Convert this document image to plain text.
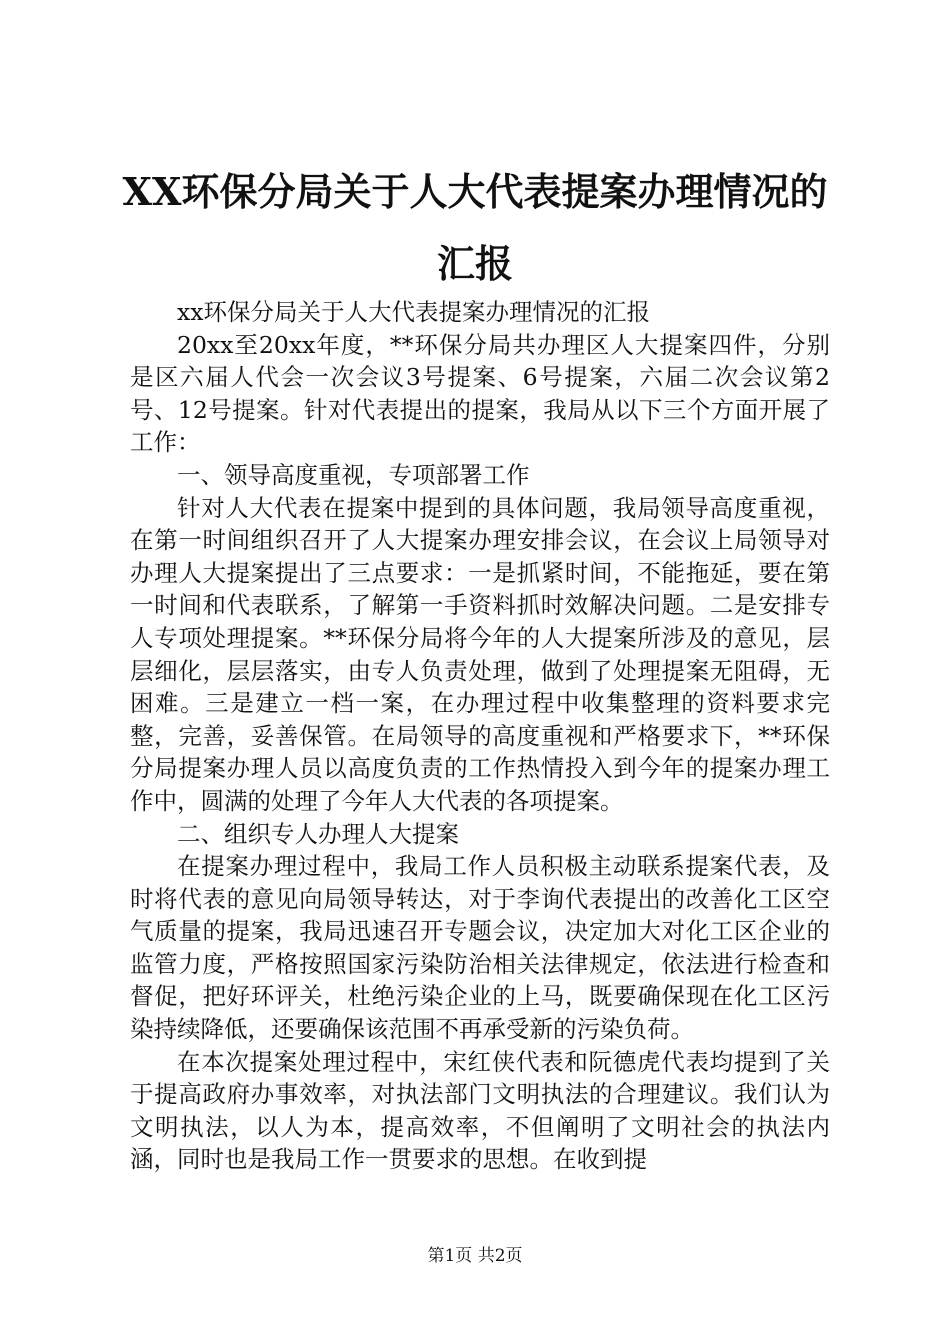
XX环保分局关于人大代表提案办理情况的汇报

xx环保分局关于人大代表提案办理情况的汇报

20xx至20xx年度，**环保分局共办理区人大提案四件，分别是区六届人代会一次会议3号提案、6号提案，六届二次会议第2号、12号提案。针对代表提出的提案，我局从以下三个方面开展了工作：

一、领导高度重视，专项部署工作

针对人大代表在提案中提到的具体问题，我局领导高度重视，在第一时间组织召开了人大提案办理安排会议，在会议上局领导对办理人大提案提出了三点要求：一是抓紧时间，不能拖延，要在第一时间和代表联系，了解第一手资料抓时效解决问题。二是安排专人专项处理提案。**环保分局将今年的人大提案所涉及的意见，层层细化，层层落实，由专人负责处理，做到了处理提案无阻碍，无困难。三是建立一档一案，在办理过程中收集整理的资料要求完整，完善，妥善保管。在局领导的高度重视和严格要求下，**环保分局提案办理人员以高度负责的工作热情投入到今年的提案办理工作中，圆满的处理了今年人大代表的各项提案。

二、组织专人办理人大提案

在提案办理过程中，我局工作人员积极主动联系提案代表，及时将代表的意见向局领导转达，对于李询代表提出的改善化工区空气质量的提案，我局迅速召开专题会议，决定加大对化工区企业的监管力度，严格按照国家污染防治相关法律规定，依法进行检查和督促，把好环评关，杜绝污染企业的上马，既要确保现在化工区污染持续降低，还要确保该范围不再承受新的污染负荷。

在本次提案处理过程中，宋红侠代表和阮德虎代表均提到了关于提高政府办事效率，对执法部门文明执法的合理建议。我们认为文明执法，以人为本，提高效率，不但阐明了文明社会的执法内涵，同时也是我局工作一贯要求的思想。在收到提

第1页 共2页
